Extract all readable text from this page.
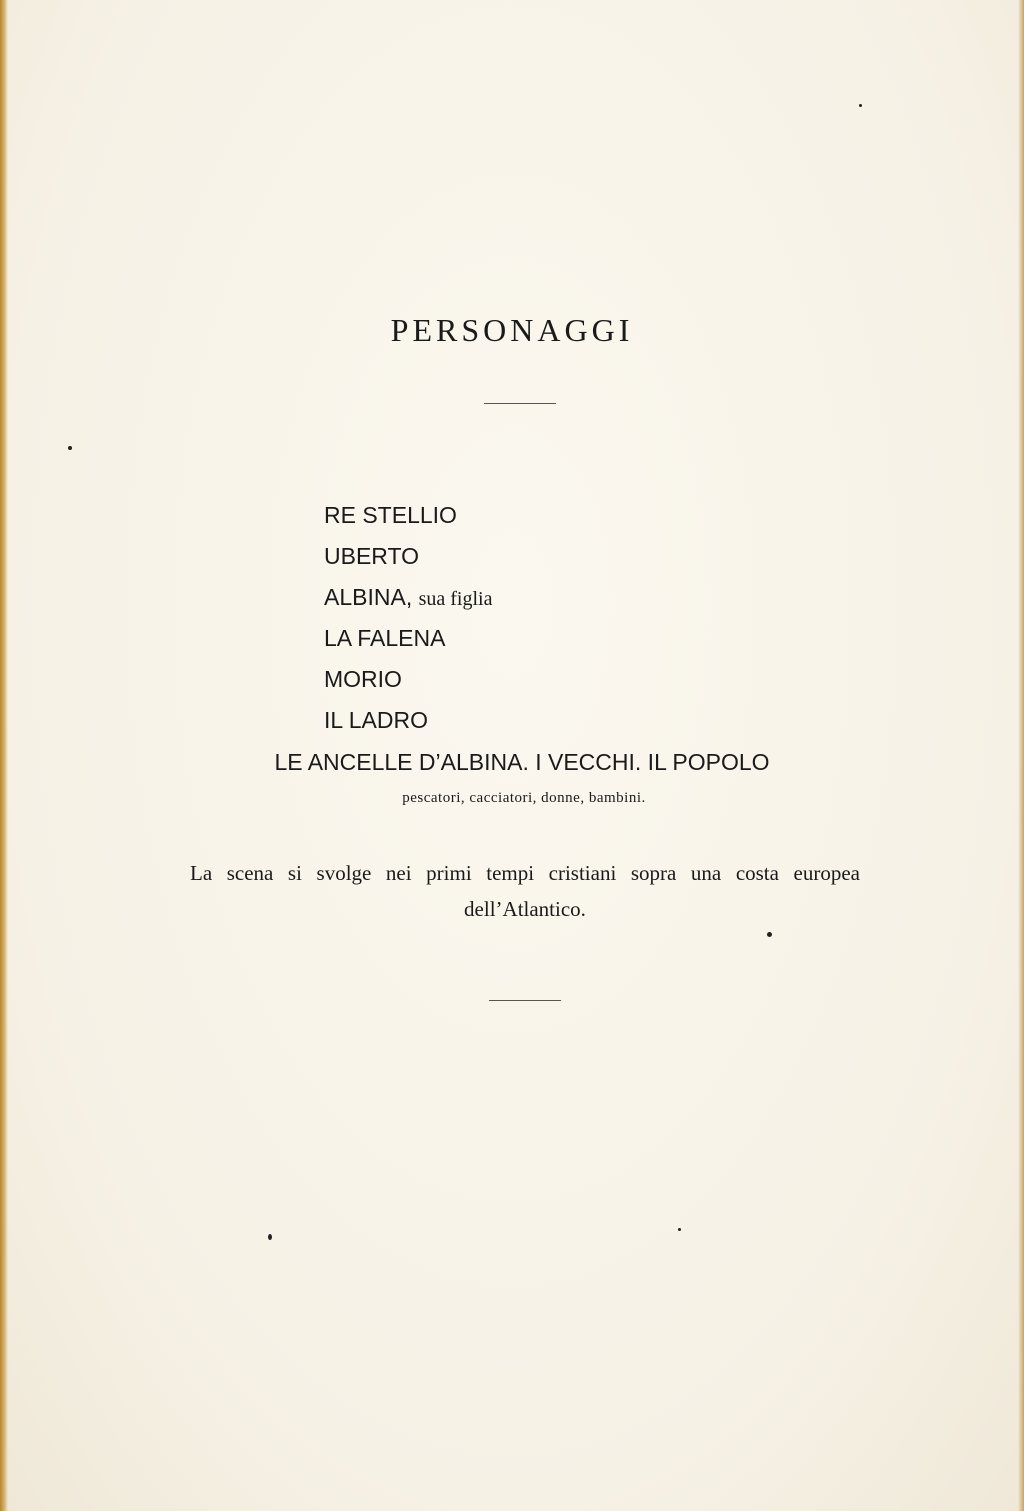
PERSONAGGI
RE STELLIO
UBERTO
ALBINA, sua figlia
LA FALENA
MORIO
IL LADRO

LE ANCELLE D’ALBINA. I VECCHI. IL POPOLO

pescatori, cacciatori, donne, bambini.

La scena si svolge nei primi tempi cristiani sopra una costa europea dell’Atlantico.
